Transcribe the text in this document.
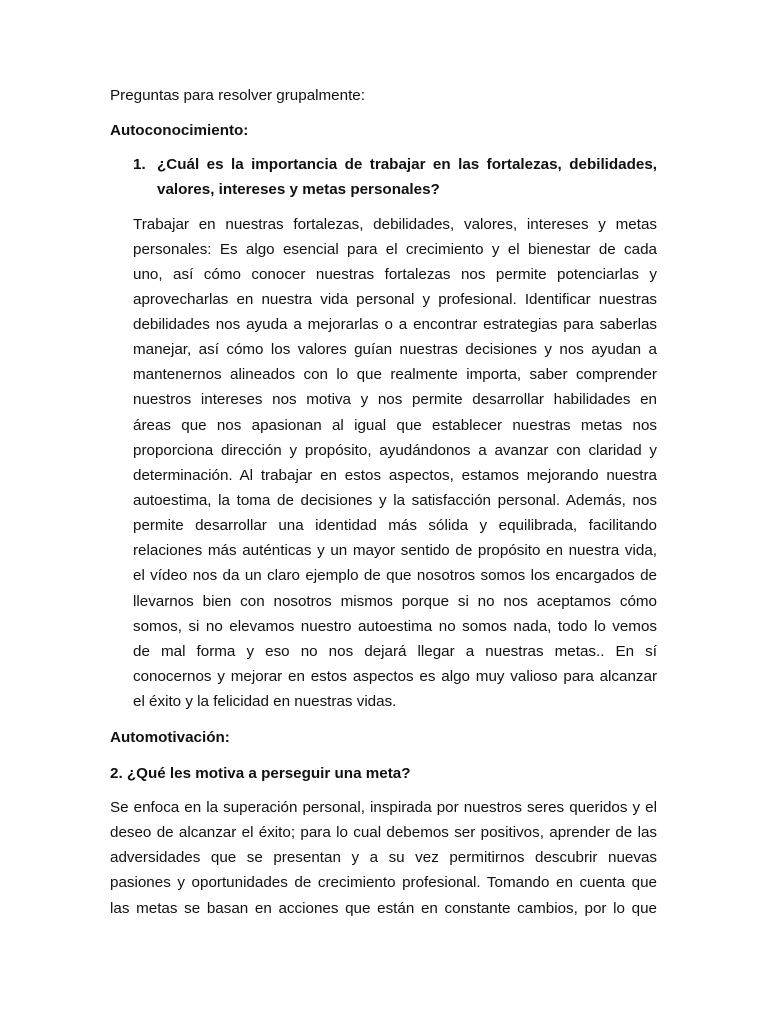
Preguntas para resolver grupalmente:
Autoconocimiento:
1. ¿Cuál es la importancia de trabajar en las fortalezas, debilidades,
valores, intereses y metas personales?
Trabajar en nuestras fortalezas, debilidades, valores, intereses y metas
personales: Es algo esencial para el crecimiento y el bienestar de cada
uno, así cómo conocer nuestras fortalezas nos permite potenciarlas y
aprovecharlas en nuestra vida personal y profesional. Identificar nuestras
debilidades nos ayuda a mejorarlas o a encontrar estrategias para saberlas
manejar, así cómo los valores guían nuestras decisiones y nos ayudan a
mantenernos alineados con lo que realmente importa, saber comprender
nuestros intereses nos motiva y nos permite desarrollar habilidades en
áreas que nos apasionan al igual que establecer nuestras metas nos
proporciona dirección y propósito, ayudándonos a avanzar con claridad y
determinación. Al trabajar en estos aspectos, estamos mejorando nuestra
autoestima, la toma de decisiones y la satisfacción personal. Además, nos
permite desarrollar una identidad más sólida y equilibrada, facilitando
relaciones más auténticas y un mayor sentido de propósito en nuestra vida,
el vídeo nos da un claro ejemplo de que nosotros somos los encargados de
llevarnos bien con nosotros mismos porque si no nos aceptamos cómo
somos, si no elevamos nuestro autoestima no somos nada, todo lo vemos
de mal forma y eso no nos dejará llegar a nuestras metas.. En sí
conocernos y mejorar en estos aspectos es algo muy valioso para alcanzar
el éxito y la felicidad en nuestras vidas.
Automotivación:
2. ¿Qué les motiva a perseguir una meta?
Se enfoca en la superación personal, inspirada por nuestros seres queridos y el
deseo de alcanzar el éxito; para lo cual debemos ser positivos, aprender de las
adversidades que se presentan y a su vez permitirnos descubrir nuevas
pasiones y oportunidades de crecimiento profesional. Tomando en cuenta que
las metas se basan en acciones que están en constante cambios, por lo que
